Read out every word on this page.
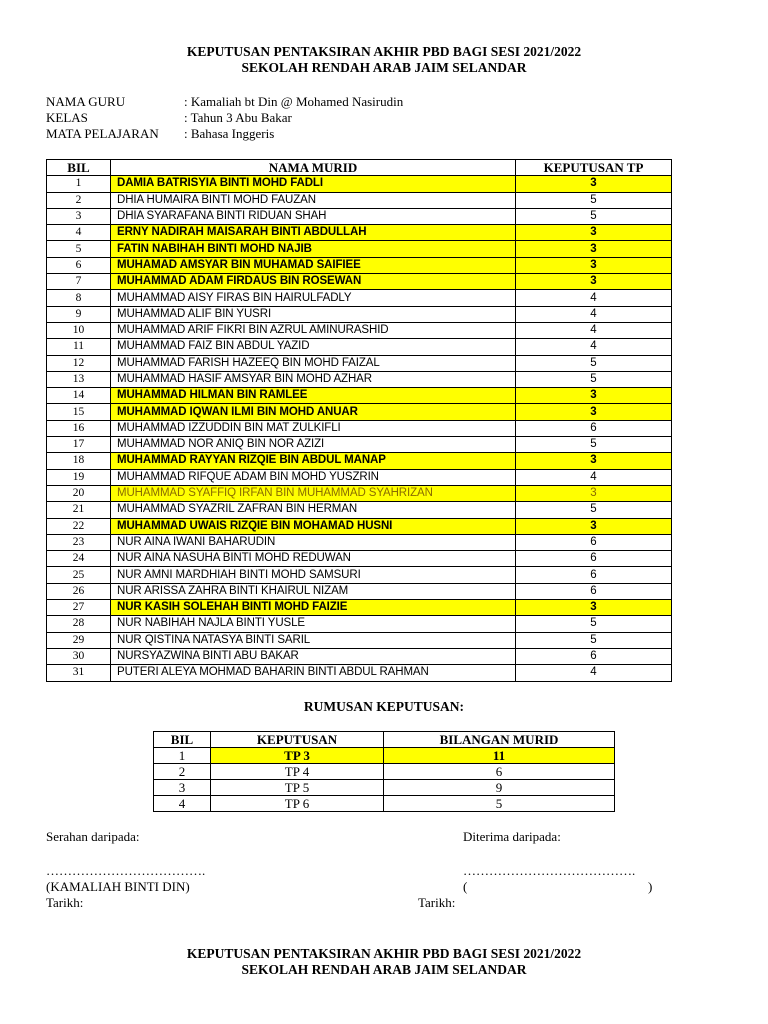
KEPUTUSAN PENTAKSIRAN AKHIR PBD BAGI SESI 2021/2022
SEKOLAH RENDAH ARAB JAIM SELANDAR
NAMA GURU	: Kamaliah bt Din @ Mohamed Nasirudin
KELAS	: Tahun 3 Abu Bakar
MATA PELAJARAN : Bahasa Inggeris
BIL	NAMA MURID	KEPUTUSAN TP
1	DAMIA BATRISYIA BINTI MOHD FADLI	3
2	DHIA HUMAIRA BINTI MOHD FAUZAN	5
3	DHIA SYARAFANA BINTI RIDUAN SHAH	5
4	ERNY NADIRAH MAISARAH BINTI ABDULLAH	3
5	FATIN NABIHAH BINTI MOHD NAJIB	3
6	MUHAMAD AMSYAR BIN MUHAMAD SAIFIEE	3
7	MUHAMMAD ADAM FIRDAUS BIN ROSEWAN	3
8	MUHAMMAD AISY FIRAS BIN HAIRULFADLY	4
9	MUHAMMAD ALIF BIN YUSRI	4
10	MUHAMMAD ARIF FIKRI BIN AZRUL AMINURASHID	4
11	MUHAMMAD FAIZ BIN ABDUL YAZID	4
12	MUHAMMAD FARISH HAZEEQ BIN MOHD FAIZAL	5
13	MUHAMMAD HASIF AMSYAR BIN MOHD AZHAR	5
14	MUHAMMAD HILMAN BIN RAMLEE	3
15	MUHAMMAD IQWAN ILMI BIN MOHD ANUAR	3
16	MUHAMMAD IZZUDDIN BIN MAT ZULKIFLI	6
17	MUHAMMAD NOR ANIQ BIN NOR AZIZI	5
18	MUHAMMAD RAYYAN RIZQIE BIN ABDUL MANAP	3
19	MUHAMMAD RIFQUE ADAM BIN MOHD YUSZRIN	4
20	MUHAMMAD SYAFFIQ IRFAN BIN MUHAMMAD SYAHRIZAN	3
21	MUHAMMAD SYAZRIL ZAFRAN BIN HERMAN	5
22	MUHAMMAD UWAIS RIZQIE BIN MOHAMAD HUSNI	3
23	NUR AINA IWANI BAHARUDIN	6
24	NUR AINA NASUHA BINTI MOHD REDUWAN	6
25	NUR AMNI MARDHIAH BINTI MOHD SAMSURI	6
26	NUR ARISSA ZAHRA BINTI KHAIRUL NIZAM	6
27	NUR KASIH SOLEHAH BINTI MOHD FAIZIE	3
28	NUR NABIHAH NAJLA BINTI YUSLE	5
29	NUR QISTINA NATASYA BINTI SARIL	5
30	NURSYAZWINA BINTI ABU BAKAR	6
31	PUTERI ALEYA MOHMAD BAHARIN BINTI ABDUL RAHMAN	4
RUMUSAN KEPUTUSAN:
BIL	KEPUTUSAN	BILANGAN MURID
1	TP 3	11
2	TP 4	6
3	TP 5	9
4	TP 6	5
Serahan daripada:	Diterima daripada:
……………………………….	………………………………….
(KAMALIAH BINTI DIN)	(	)
Tarikh:	Tarikh:
KEPUTUSAN PENTAKSIRAN AKHIR PBD BAGI SESI 2021/2022
SEKOLAH RENDAH ARAB JAIM SELANDAR
